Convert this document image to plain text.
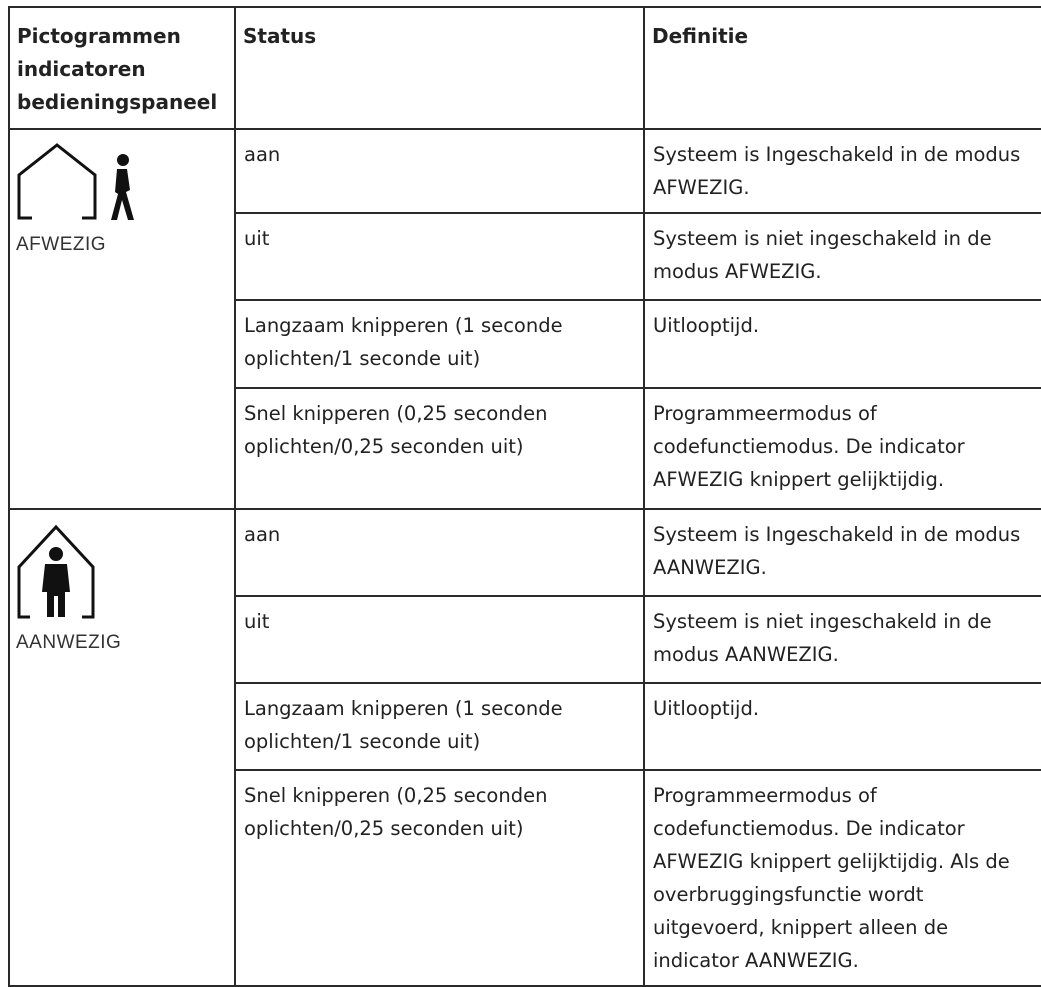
Pictogrammen indicatoren bedieningspaneel	Status	Definitie

AFWEZIG	aan	Systeem is Ingeschakeld in de modus AFWEZIG.
	uit	Systeem is niet ingeschakeld in de modus AFWEZIG.
	Langzaam knipperen (1 seconde oplichten/1 seconde uit)	Uitlooptijd.
	Snel knipperen (0,25 seconden oplichten/0,25 seconden uit)	Programmeermodus of codefunctiemodus. De indicator AFWEZIG knippert gelijktijdig.

AANWEZIG	aan	Systeem is Ingeschakeld in de modus AANWEZIG.
	uit	Systeem is niet ingeschakeld in de modus AANWEZIG.
	Langzaam knipperen (1 seconde oplichten/1 seconde uit)	Uitlooptijd.
	Snel knipperen (0,25 seconden oplichten/0,25 seconden uit)	Programmeermodus of codefunctiemodus. De indicator AFWEZIG knippert gelijktijdig. Als de overbruggingsfunctie wordt uitgevoerd, knippert alleen de indicator AANWEZIG.
